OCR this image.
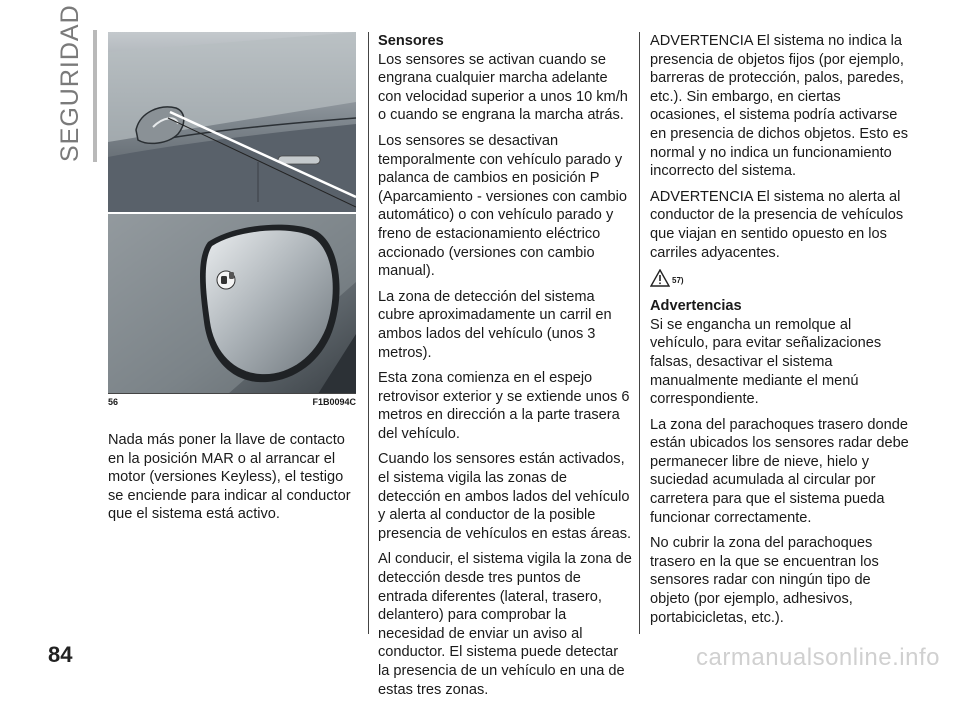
SEGURIDAD
56	F1B0094C

Nada más poner la llave de contacto en la posición MAR o al arrancar el motor (versiones Keyless), el testigo se enciende para indicar al conductor que el sistema está activo.

Sensores

Los sensores se activan cuando se engrana cualquier marcha adelante con velocidad superior a unos 10 km/h o cuando se engrana la marcha atrás.

Los sensores se desactivan temporalmente con vehículo parado y palanca de cambios en posición P (Aparcamiento - versiones con cambio automático) o con vehículo parado y freno de estacionamiento eléctrico accionado (versiones con cambio manual).

La zona de detección del sistema cubre aproximadamente un carril en ambos lados del vehículo (unos 3 metros).

Esta zona comienza en el espejo retrovisor exterior y se extiende unos 6 metros en dirección a la parte trasera del vehículo.

Cuando los sensores están activados, el sistema vigila las zonas de detección en ambos lados del vehículo y alerta al conductor de la posible presencia de vehículos en estas áreas.

Al conducir, el sistema vigila la zona de detección desde tres puntos de entrada diferentes (lateral, trasero, delantero) para comprobar la necesidad de enviar un aviso al conductor. El sistema puede detectar la presencia de un vehículo en una de estas tres zonas.

ADVERTENCIA El sistema no indica la presencia de objetos fijos (por ejemplo, barreras de protección, palos, paredes, etc.). Sin embargo, en ciertas ocasiones, el sistema podría activarse en presencia de dichos objetos. Esto es normal y no indica un funcionamiento incorrecto del sistema.

ADVERTENCIA El sistema no alerta al conductor de la presencia de vehículos que viajan en sentido opuesto en los carriles adyacentes.

57)
Advertencias

Si se engancha un remolque al vehículo, para evitar señalizaciones falsas, desactivar el sistema manualmente mediante el menú correspondiente.

La zona del parachoques trasero donde están ubicados los sensores radar debe permanecer libre de nieve, hielo y suciedad acumulada al circular por carretera para que el sistema pueda funcionar correctamente.

No cubrir la zona del parachoques trasero en la que se encuentran los sensores radar con ningún tipo de objeto (por ejemplo, adhesivos, portabicicletas, etc.).

84	carmanualsonline.info
